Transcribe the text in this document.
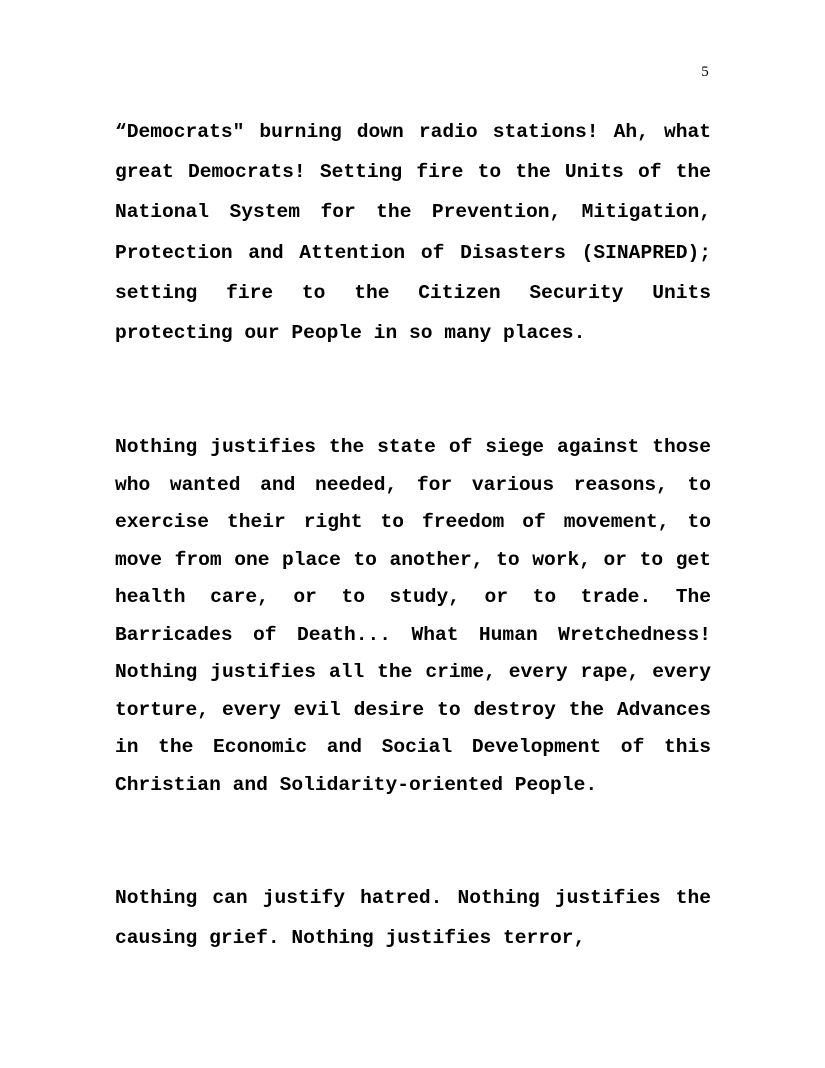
5

“Democrats" burning down radio stations! Ah, what great Democrats! Setting fire to the Units of the National System for the Prevention, Mitigation, Protection and Attention of Disasters (SINAPRED); setting fire to the Citizen Security Units protecting our People in so many places.

Nothing justifies the state of siege against those who wanted and needed, for various reasons, to exercise their right to freedom of movement, to move from one place to another, to work, or to get health care, or to study, or to trade. The Barricades of Death... What Human Wretchedness! Nothing justifies all the crime, every rape, every torture, every evil desire to destroy the Advances in the Economic and Social Development of this Christian and Solidarity-oriented People.

Nothing can justify hatred. Nothing justifies the causing grief. Nothing justifies terror,
